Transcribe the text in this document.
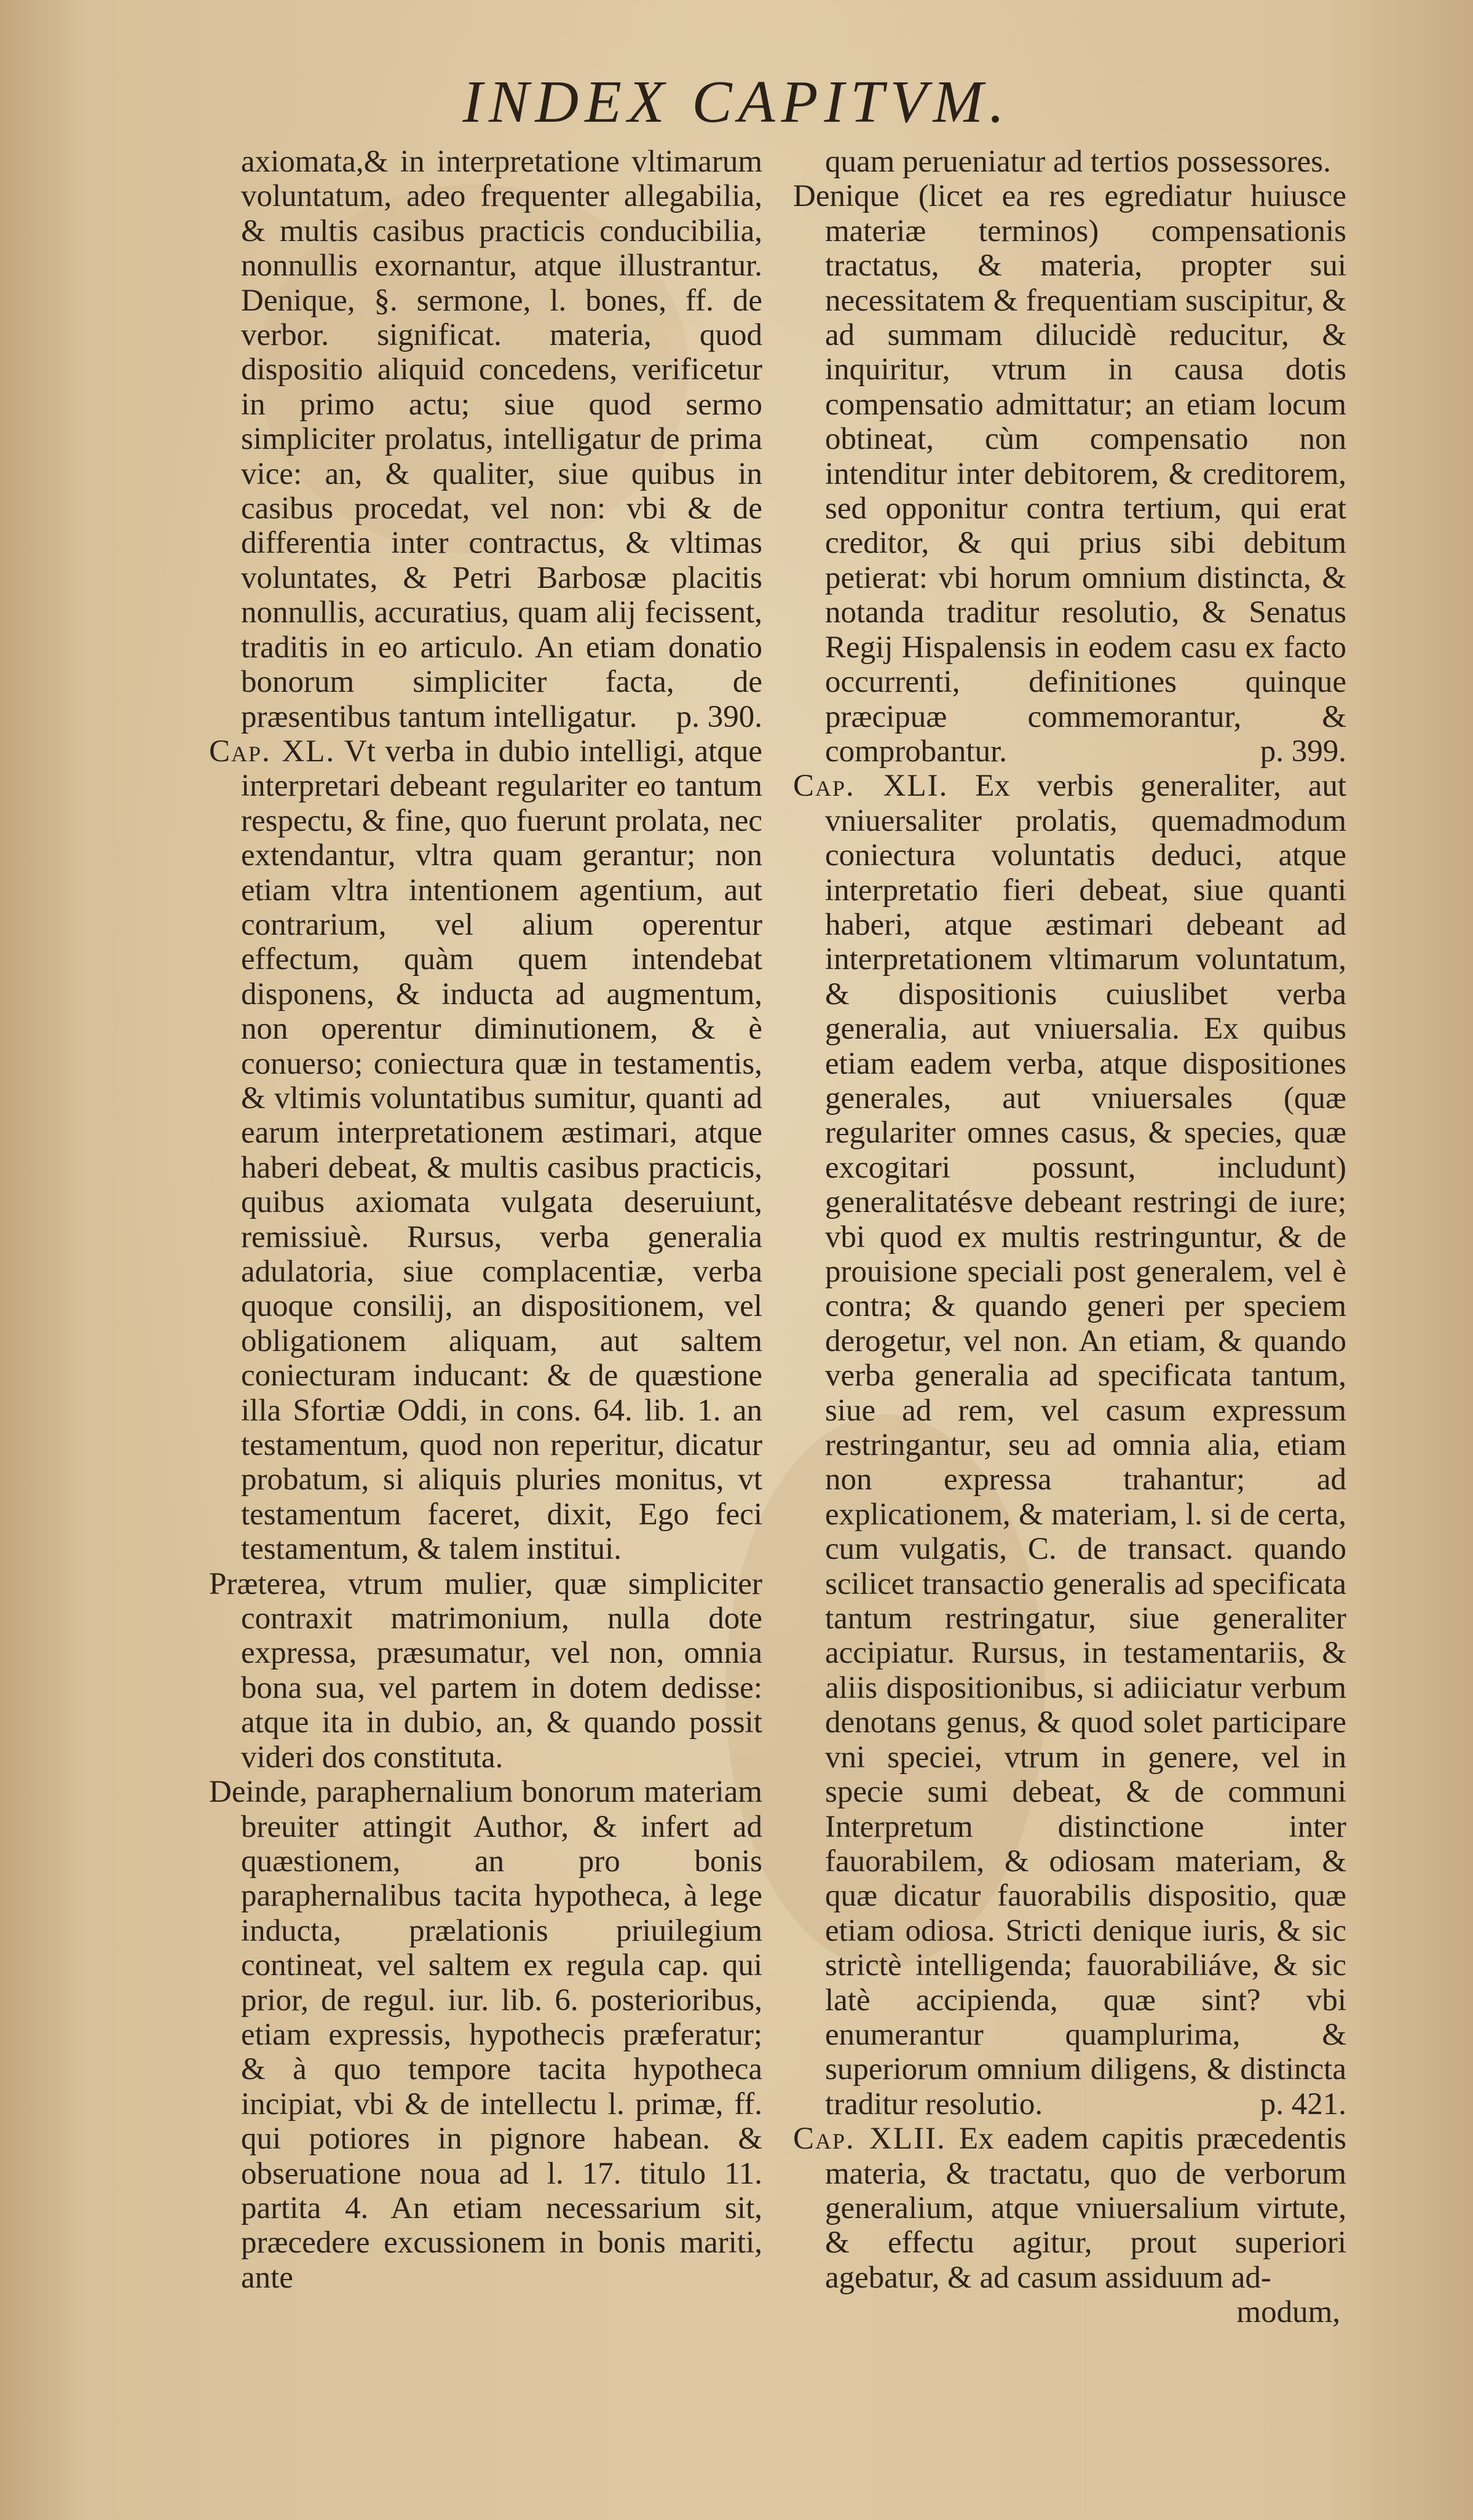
INDEX CAPITVM.

axiomata,& in interpretatione vltimarum voluntatum, adeo frequenter allegabilia, & multis casibus practicis conducibilia, nonnullis exornantur, atque illustrantur. Denique, §. sermone, l. bones, ff. de verbor. significat. materia, quod dispositio aliquid concedens, verificetur in primo actu; siue quod sermo simpliciter prolatus, intelligatur de prima vice: an, & qualiter, siue quibus in casibus procedat, vel non: vbi & de differentia inter contractus, & vltimas voluntates, & Petri Barbosæ placitis nonnullis, accuratius, quam alij fecissent, traditis in eo articulo. An etiam donatio bonorum simpliciter facta, de præsentibus tantum intelligatur. p. 390.

Cap. XL. Vt verba in dubio intelligi, atque interpretari debeant regulariter eo tantum respectu, & fine, quo fuerunt prolata, nec extendantur, vltra quam gerantur; non etiam vltra intentionem agentium, aut contrarium, vel alium operentur effectum, quàm quem intendebat disponens, & inducta ad augmentum, non operentur diminutionem, & è conuerso; coniectura quæ in testamentis, & vltimis voluntatibus sumitur, quanti ad earum interpretationem æstimari, atque haberi debeat, & multis casibus practicis, quibus axiomata vulgata deseruiunt, remissiuè. Rursus, verba generalia adulatoria, siue complacentiæ, verba quoque consilij, an dispositionem, vel obligationem aliquam, aut saltem coniecturam inducant: & de quæstione illa Sfortiæ Oddi, in cons. 64. lib. 1. an testamentum, quod non reperitur, dicatur probatum, si aliquis pluries monitus, vt testamentum faceret, dixit, Ego feci testamentum, & talem institui.

Præterea, vtrum mulier, quæ simpliciter contraxit matrimonium, nulla dote expressa, præsumatur, vel non, omnia bona sua, vel partem in dotem dedisse: atque ita in dubio, an, & quando possit videri dos constituta.

Deinde, paraphernalium bonorum materiam breuiter attingit Author, & infert ad quæstionem, an pro bonis paraphernalibus tacita hypotheca, à lege inducta, prælationis priuilegium contineat, vel saltem ex regula cap. qui prior, de regul. iur. lib. 6. posterioribus, etiam expressis, hypothecis præferatur; & à quo tempore tacita hypotheca incipiat, vbi & de intellectu l. primæ, ff. qui potiores in pignore habean. & obseruatione noua ad l. 17. titulo 11. partita 4. An etiam necessarium sit, præcedere excussionem in bonis mariti, ante

quam perueniatur ad tertios possessores.

Denique (licet ea res egrediatur huiusce materiæ terminos) compensationis tractatus, & materia, propter sui necessitatem & frequentiam suscipitur, & ad summam dilucidè reducitur, & inquiritur, vtrum in causa dotis compensatio admittatur; an etiam locum obtineat, cùm compensatio non intenditur inter debitorem, & creditorem, sed opponitur contra tertium, qui erat creditor, & qui prius sibi debitum petierat: vbi horum omnium distincta, & notanda traditur resolutio, & Senatus Regij Hispalensis in eodem casu ex facto occurrenti, definitiones quinque præcipuæ commemorantur, & comprobantur.	p. 399.

Cap. XLI. Ex verbis generaliter, aut vniuersaliter prolatis, quemadmodum coniectura voluntatis deduci, atque interpretatio fieri debeat, siue quanti haberi, atque æstimari debeant ad interpretationem vltimarum voluntatum, & dispositionis cuiuslibet verba generalia, aut vniuersalia. Ex quibus etiam eadem verba, atque dispositiones generales, aut vniuersales (quæ regulariter omnes casus, & species, quæ excogitari possunt, includunt) generalitatésve debeant restringi de iure; vbi quod ex multis restringuntur, & de prouisione speciali post generalem, vel è contra; & quando generi per speciem derogetur, vel non. An etiam, & quando verba generalia ad specificata tantum, siue ad rem, vel casum expressum restringantur, seu ad omnia alia, etiam non expressa trahantur; ad explicationem, & materiam, l. si de certa, cum vulgatis, C. de transact. quando scilicet transactio generalis ad specificata tantum restringatur, siue generaliter accipiatur. Rursus, in testamentariis, & aliis dispositionibus, si adiiciatur verbum denotans genus, & quod solet participare vni speciei, vtrum in genere, vel in specie sumi debeat, & de communi Interpretum distinctione inter fauorabilem, & odiosam materiam, & quæ dicatur fauorabilis dispositio, quæ etiam odiosa. Stricti denique iuris, & sic strictè intelligenda; fauorabiliáve, & sic latè accipienda, quæ sint? vbi enumerantur quamplurima, & superiorum omnium diligens, & distincta traditur resolutio.	p. 421.

Cap. XLII. Ex eadem capitis præcedentis materia, & tractatu, quo de verborum generalium, atque vniuersalium virtute, & effectu agitur, prout superiori agebatur, & ad casum assiduum ad-

modum,
